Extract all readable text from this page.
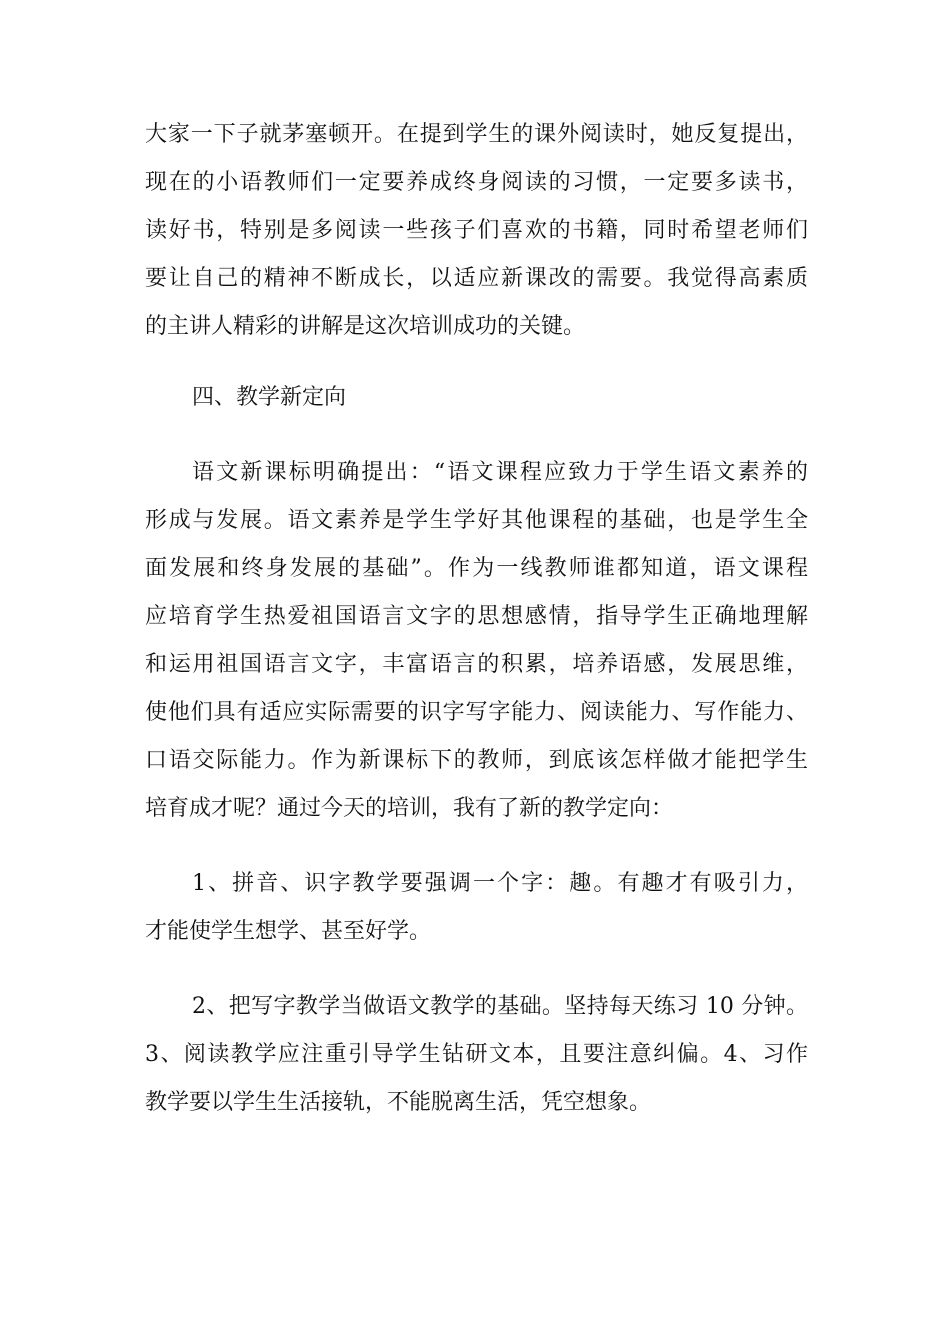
大家一下子就茅塞顿开。在提到学生的课外阅读时，她反复提出，
现在的小语教师们一定要养成终身阅读的习惯，一定要多读书，
读好书，特别是多阅读一些孩子们喜欢的书籍，同时希望老师们
要让自己的精神不断成长，以适应新课改的需要。我觉得高素质
的主讲人精彩的讲解是这次培训成功的关键。
四、教学新定向
语文新课标明确提出：“语文课程应致力于学生语文素养的
形成与发展。语文素养是学生学好其他课程的基础，也是学生全
面发展和终身发展的基础”。作为一线教师谁都知道，语文课程
应培育学生热爱祖国语言文字的思想感情，指导学生正确地理解
和运用祖国语言文字，丰富语言的积累，培养语感，发展思维，
使他们具有适应实际需要的识字写字能力、阅读能力、写作能力、
口语交际能力。作为新课标下的教师，到底该怎样做才能把学生
培育成才呢？通过今天的培训，我有了新的教学定向：
1、拼音、识字教学要强调一个字：趣。有趣才有吸引力，
才能使学生想学、甚至好学。
2、把写字教学当做语文教学的基础。坚持每天练习 10 分钟。
3、阅读教学应注重引导学生钻研文本，且要注意纠偏。4、习作
教学要以学生生活接轨，不能脱离生活，凭空想象。
